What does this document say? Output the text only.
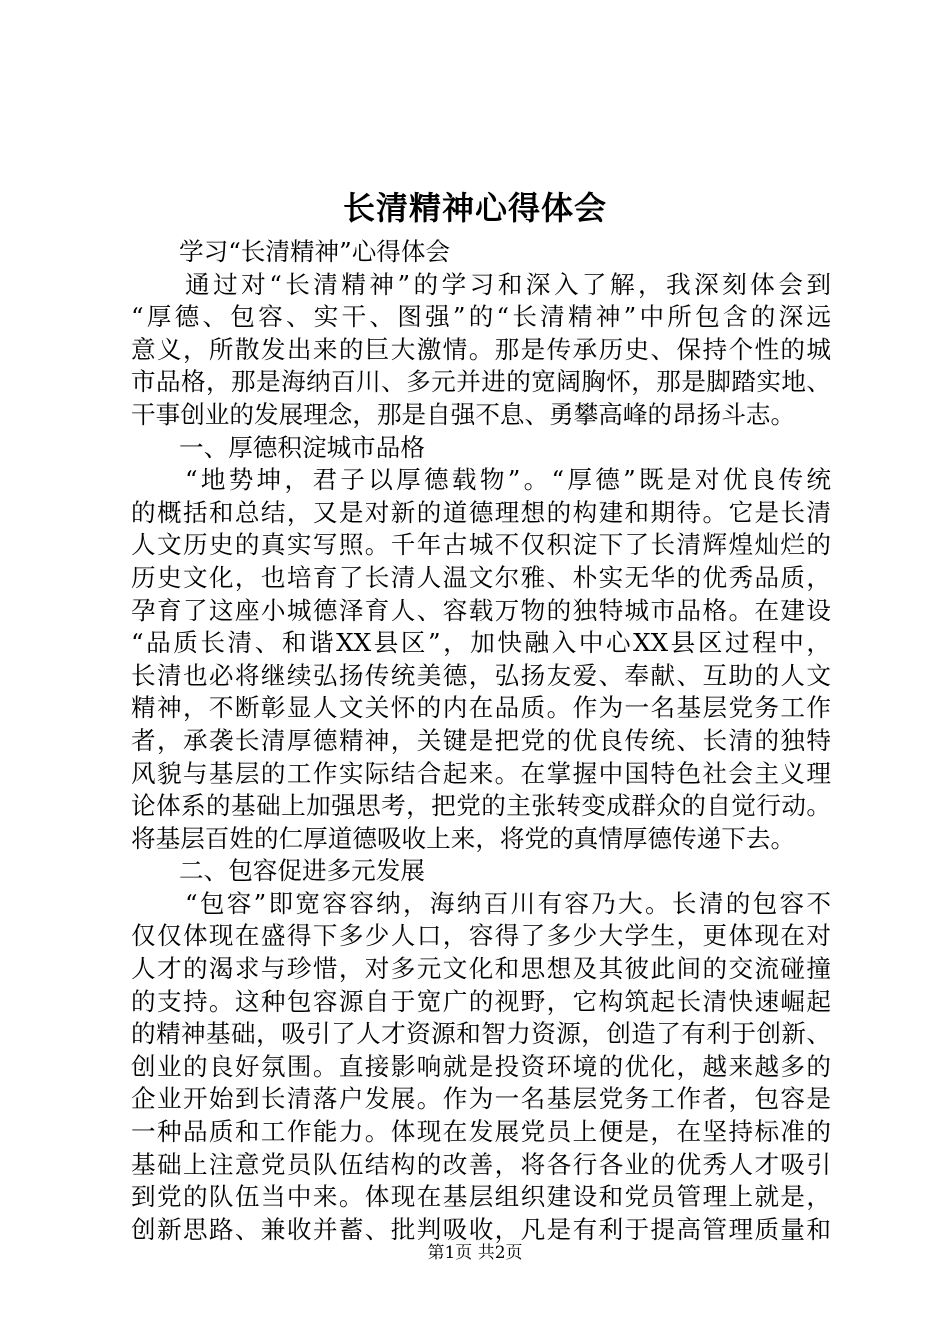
长清精神心得体会
学习“长清精神”心得体会
通过对“长清精神”的学习和深入了解，我深刻体会到
“厚德、包容、实干、图强”的“长清精神”中所包含的深远
意义，所散发出来的巨大激情。那是传承历史、保持个性的城
市品格，那是海纳百川、多元并进的宽阔胸怀，那是脚踏实地、
干事创业的发展理念，那是自强不息、勇攀高峰的昂扬斗志。
一、厚德积淀城市品格
“地势坤，君子以厚德载物”。“厚德”既是对优良传统
的概括和总结，又是对新的道德理想的构建和期待。它是长清
人文历史的真实写照。千年古城不仅积淀下了长清辉煌灿烂的
历史文化，也培育了长清人温文尔雅、朴实无华的优秀品质，
孕育了这座小城德泽育人、容载万物的独特城市品格。在建设
“品质长清、和谐XX县区”，加快融入中心XX县区过程中，
长清也必将继续弘扬传统美德，弘扬友爱、奉献、互助的人文
精神，不断彰显人文关怀的内在品质。作为一名基层党务工作
者，承袭长清厚德精神，关键是把党的优良传统、长清的独特
风貌与基层的工作实际结合起来。在掌握中国特色社会主义理
论体系的基础上加强思考，把党的主张转变成群众的自觉行动。
将基层百姓的仁厚道德吸收上来，将党的真情厚德传递下去。
二、包容促进多元发展
“包容”即宽容容纳，海纳百川有容乃大。长清的包容不
仅仅体现在盛得下多少人口，容得了多少大学生，更体现在对
人才的渴求与珍惜，对多元文化和思想及其彼此间的交流碰撞
的支持。这种包容源自于宽广的视野，它构筑起长清快速崛起
的精神基础，吸引了人才资源和智力资源，创造了有利于创新、
创业的良好氛围。直接影响就是投资环境的优化，越来越多的
企业开始到长清落户发展。作为一名基层党务工作者，包容是
一种品质和工作能力。体现在发展党员上便是，在坚持标准的
基础上注意党员队伍结构的改善，将各行各业的优秀人才吸引
到党的队伍当中来。体现在基层组织建设和党员管理上就是，
创新思路、兼收并蓄、批判吸收，凡是有利于提高管理质量和
第1页 共2页
